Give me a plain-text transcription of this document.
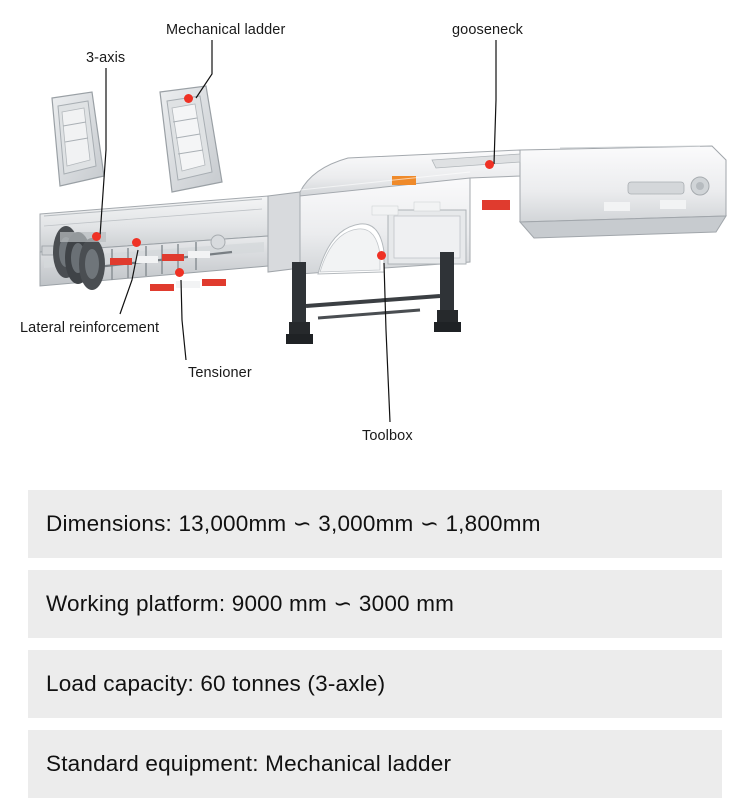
Mechanical ladder	gooseneck
3-axis
Lateral reinforcement
Tensioner
Toolbox
Dimensions: 13,000mm ∽ 3,000mm ∽ 1,800mm
Working platform: 9000 mm ∽ 3000 mm
Load capacity: 60 tonnes (3-axle)
Standard equipment: Mechanical ladder
